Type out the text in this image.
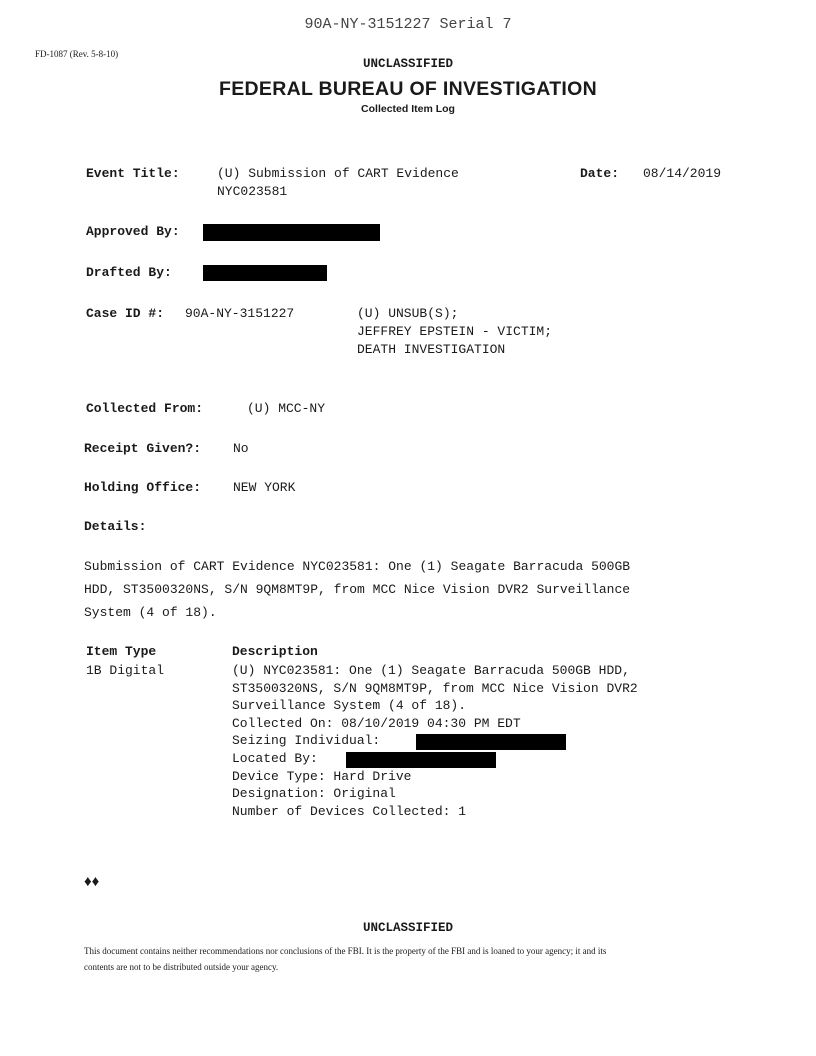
90A-NY-3151227 Serial 7
FD-1087 (Rev. 5-8-10)
UNCLASSIFIED
FEDERAL BUREAU OF INVESTIGATION
Collected Item Log
Event Title:	(U) Submission of CART Evidence
NYC023581
Date: 08/14/2019
Approved By:
Drafted By:
Case ID #: 90A-NY-3151227	(U) UNSUB(S);
JEFFREY EPSTEIN - VICTIM;
DEATH INVESTIGATION
Collected From:	(U) MCC-NY
Receipt Given?: No
Holding Office: NEW YORK
Details:
Submission of CART Evidence NYC023581: One (1) Seagate Barracuda 500GB
HDD, ST3500320NS, S/N 9QM8MT9P, from MCC Nice Vision DVR2 Surveillance
System (4 of 18).
Item Type	Description
1B Digital	(U) NYC023581: One (1) Seagate Barracuda 500GB HDD,
ST3500320NS, S/N 9QM8MT9P, from MCC Nice Vision DVR2
Surveillance System (4 of 18).
Collected On: 08/10/2019 04:30 PM EDT
Seizing Individual:
Located By:
Device Type: Hard Drive
Designation: Original
Number of Devices Collected: 1
♦♦
UNCLASSIFIED
This document contains neither recommendations nor conclusions of the FBI. It is the property of the FBI and is loaned to your agency; it and its
contents are not to be distributed outside your agency.
